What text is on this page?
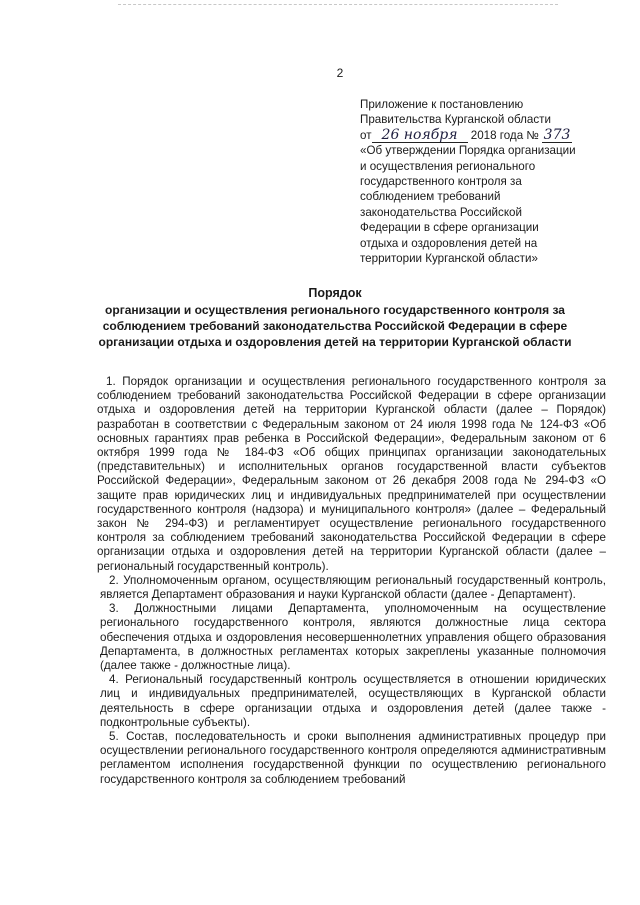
2
Приложение к постановлению
Правительства Курганской области
от 26 ноября 2018 года № 373
«Об утверждении Порядка организации
и осуществления регионального
государственного контроля за
соблюдением требований
законодательства Российской
Федерации в сфере организации
отдыха и оздоровления детей на
территории Курганской области»
Порядок
организации и осуществления регионального государственного контроля за
соблюдением требований законодательства Российской Федерации в сфере
организации отдыха и оздоровления детей на территории Курганской области

1. Порядок организации и осуществления регионального государственного контроля за соблюдением требований законодательства Российской Федерации в сфере организации отдыха и оздоровления детей на территории Курганской области (далее – Порядок) разработан в соответствии с Федеральным законом от 24 июля 1998 года № 124-ФЗ «Об основных гарантиях прав ребенка в Российской Федерации», Федеральным законом от 6 октября 1999 года № 184-ФЗ «Об общих принципах организации законодательных (представительных) и исполнительных органов государственной власти субъектов Российской Федерации», Федеральным законом от 26 декабря 2008 года № 294-ФЗ «О защите прав юридических лиц и индивидуальных предпринимателей при осуществлении государственного контроля (надзора) и муниципального контроля» (далее – Федеральный закон № 294-ФЗ) и регламентирует осуществление регионального государственного контроля за соблюдением требований законодательства Российской Федерации в сфере организации отдыха и оздоровления детей на территории Курганской области (далее – региональный государственный контроль).

2. Уполномоченным органом, осуществляющим региональный государственный контроль, является Департамент образования и науки Курганской области (далее - Департамент).

3. Должностными лицами Департамента, уполномоченным на осуществление регионального государственного контроля, являются должностные лица сектора обеспечения отдыха и оздоровления несовершеннолетних управления общего образования Департамента, в должностных регламентах которых закреплены указанные полномочия (далее также - должностные лица).

4. Региональный государственный контроль осуществляется в отношении юридических лиц и индивидуальных предпринимателей, осуществляющих в Курганской области деятельность в сфере организации отдыха и оздоровления детей (далее также - подконтрольные субъекты).

5. Состав, последовательность и сроки выполнения административных процедур при осуществлении регионального государственного контроля определяются административным регламентом исполнения государственной функции по осуществлению регионального государственного контроля за соблюдением требований
